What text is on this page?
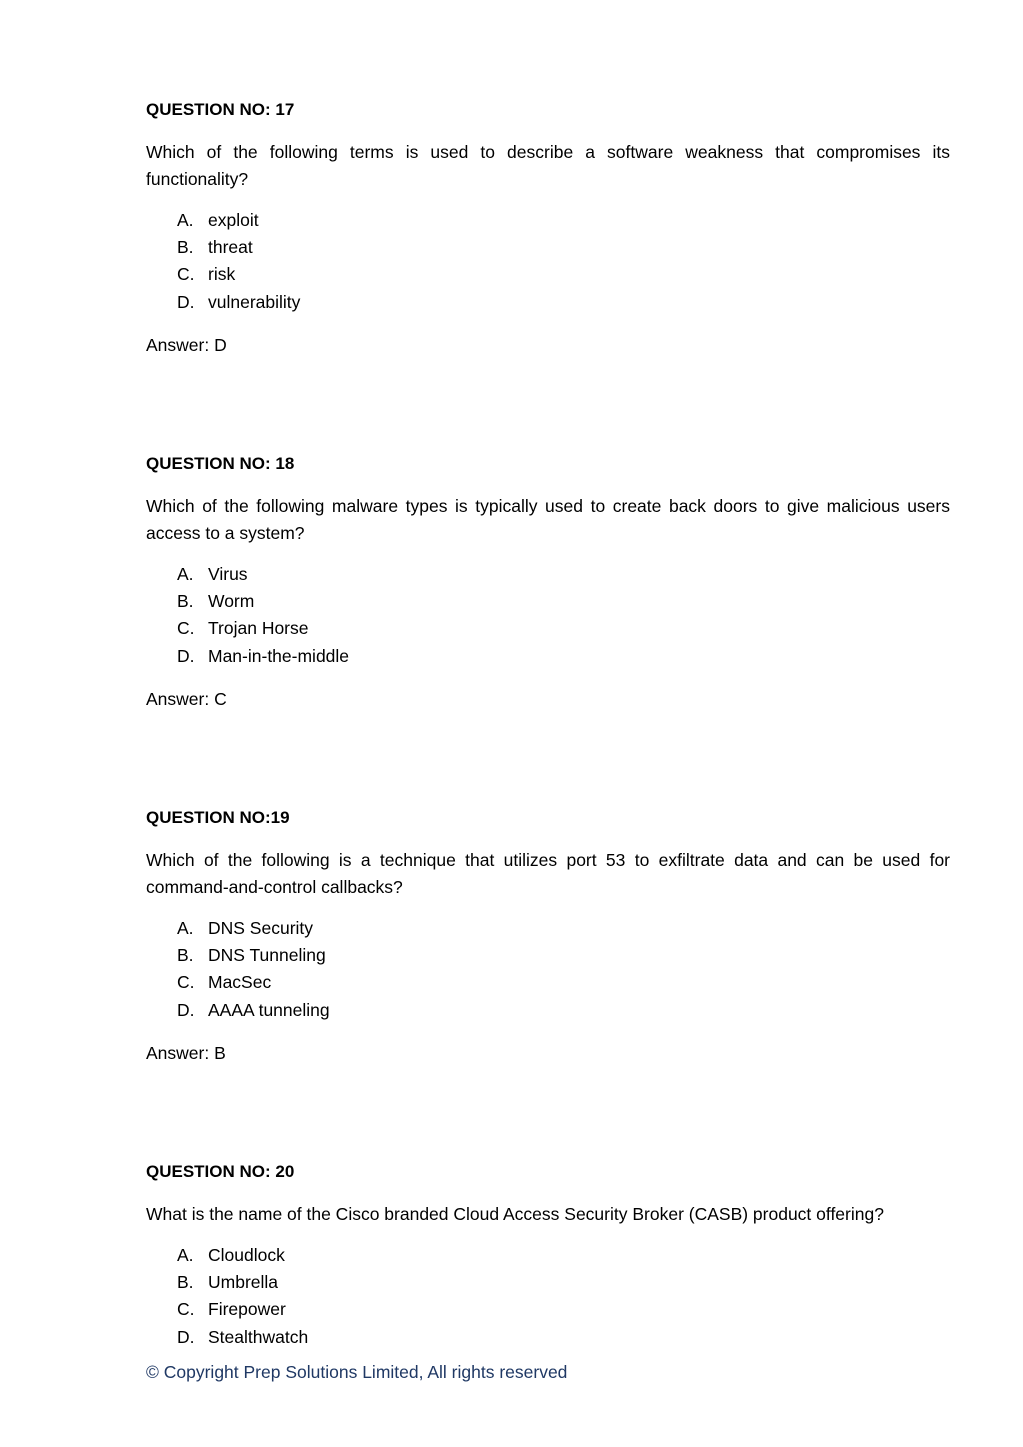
QUESTION NO: 17

Which of the following terms is used to describe a software weakness that compromises its functionality?

A. exploit
B. threat
C. risk
D. vulnerability

Answer: D

QUESTION NO: 18

Which of the following malware types is typically used to create back doors to give malicious users access to a system?

A. Virus
B. Worm
C. Trojan Horse
D. Man-in-the-middle

Answer: C

QUESTION NO:19

Which of the following is a technique that utilizes port 53 to exfiltrate data and can be used for command-and-control callbacks?

A. DNS Security
B. DNS Tunneling
C. MacSec
D. AAAA tunneling

Answer: B

QUESTION NO: 20

What is the name of the Cisco branded Cloud Access Security Broker (CASB) product offering?

A. Cloudlock
B. Umbrella
C. Firepower
D. Stealthwatch
© Copyright Prep Solutions Limited, All rights reserved
